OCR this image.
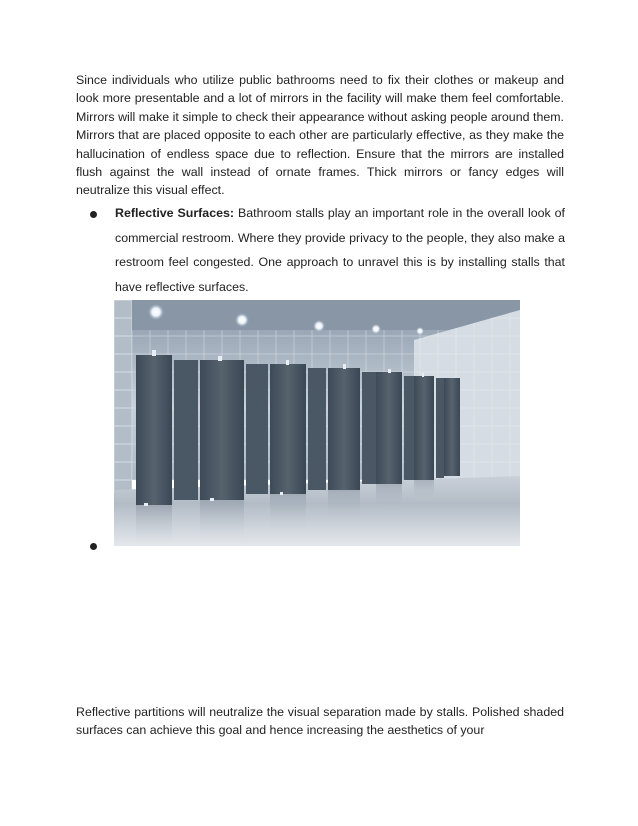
Since individuals who utilize public bathrooms need to fix their clothes or makeup and look more presentable and a lot of mirrors in the facility will make them feel comfortable. Mirrors will make it simple to check their appearance without asking people around them. Mirrors that are placed opposite to each other are particularly effective, as they make the hallucination of endless space due to reflection. Ensure that the mirrors are installed flush against the wall instead of ornate frames. Thick mirrors or fancy edges will neutralize this visual effect.

Reflective Surfaces: Bathroom stalls play an important role in the overall look of commercial restroom. Where they provide privacy to the people, they also make a restroom feel congested. One approach to unravel this is by installing stalls that have reflective surfaces.

Reflective partitions will neutralize the visual separation made by stalls. Polished shaded surfaces can achieve this goal and hence increasing the aesthetics of your
